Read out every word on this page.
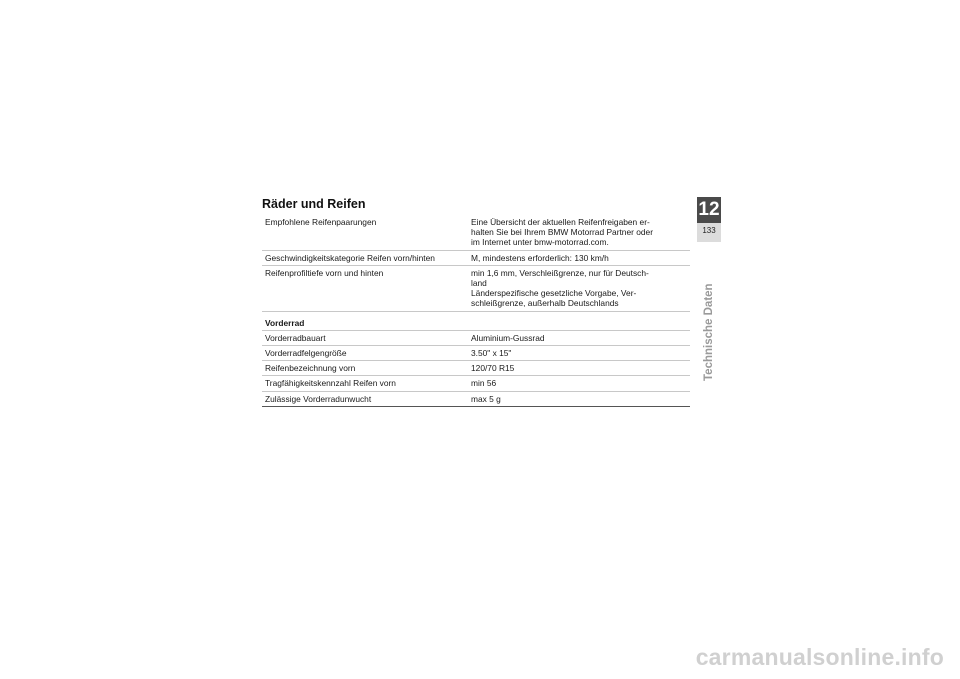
Räder und Reifen
Empfohlene Reifenpaarungen	Eine Übersicht der aktuellen Reifenfreigaben er-
halten Sie bei Ihrem BMW Motorrad Partner oder
im Internet unter bmw-motorrad.com.

Geschwindigkeitskategorie Reifen vorn/hinten	M, mindestens erforderlich: 130 km/h

Reifenprofiltiefe vorn und hinten	min 1,6 mm, Verschleißgrenze, nur für Deutsch-
land
Länderspezifische gesetzliche Vorgabe, Ver-
schleißgrenze, außerhalb Deutschlands

Vorderrad	
Vorderradbauart	Aluminium-Gussrad
Vorderradfelgengröße	3.50" x 15"
Reifenbezeichnung vorn	120/70 R15
Tragfähigkeitskennzahl Reifen vorn	min 56
Zulässige Vorderradunwucht	max 5 g
12
133
Technische Daten
carmanualsonline.info
